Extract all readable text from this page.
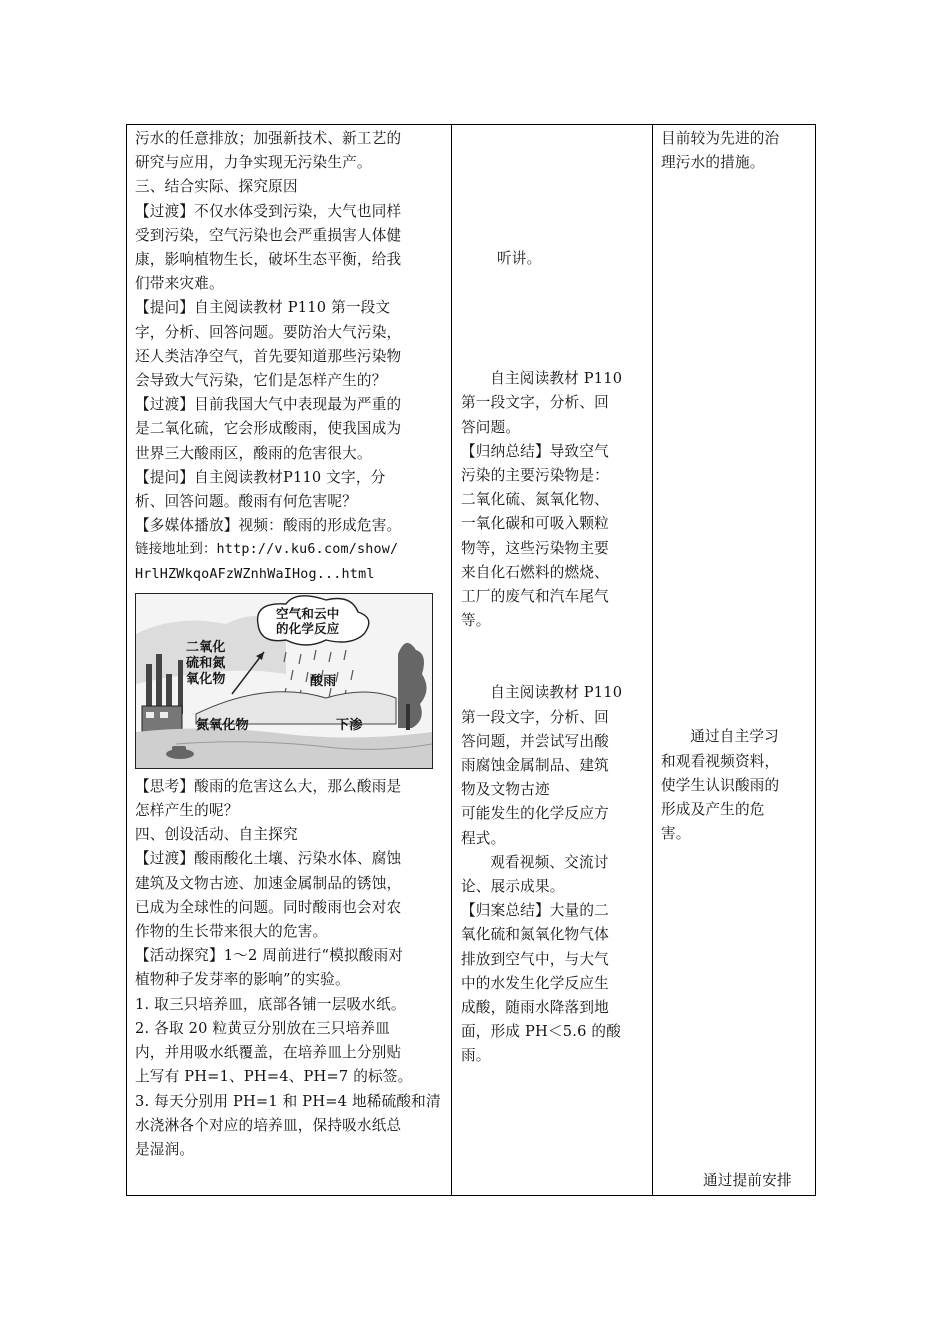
污水的任意排放；加强新技术、新工艺的

研究与应用，力争实现无污染生产。

三、结合实际、探究原因

【过渡】不仅水体受到污染，大气也同样

受到污染，空气污染也会严重损害人体健

康，影响植物生长，破坏生态平衡，给我

们带来灾难。

【提问】自主阅读教材 P110 第一段文

字，分析、回答问题。要防治大气污染，

还人类洁净空气，首先要知道那些污染物

会导致大气污染，它们是怎样产生的？

【过渡】目前我国大气中表现最为严重的

是二氧化硫，它会形成酸雨，使我国成为

世界三大酸雨区，酸雨的危害很大。

【提问】自主阅读教材P110 文字，分

析、回答问题。酸雨有何危害呢？

【多媒体播放】视频：酸雨的形成危害。

链接地址到：http://v.ku6.com/show/

HrlHZWkqoAFzWZnhWaIHog...html

空气和云中
的化学反应
二氧化
硫和氮
氧化物	酸雨
氮氧化物	下渗

【思考】酸雨的危害这么大，那么酸雨是

怎样产生的呢？

四、创设活动、自主探究

【过渡】酸雨酸化土壤、污染水体、腐蚀

建筑及文物古迹、加速金属制品的锈蚀，

已成为全球性的问题。同时酸雨也会对农

作物的生长带来很大的危害。

【活动探究】1～2 周前进行“模拟酸雨对

植物种子发芽率的影响”的实验。

1. 取三只培养皿，底部各铺一层吸水纸。

2. 各取 20 粒黄豆分别放在三只培养皿

内，并用吸水纸覆盖，在培养皿上分别贴

上写有 PH=1、PH=4、PH=7 的标签。

3. 每天分别用 PH=1 和 PH=4 地稀硫酸和清

水浇淋各个对应的培养皿，保持吸水纸总

是湿润。

听讲。

自主阅读教材 P110

第一段文字，分析、回

答问题。

【归纳总结】导致空气

污染的主要污染物是：

二氧化硫、氮氧化物、

一氧化碳和可吸入颗粒

物等，这些污染物主要

来自化石燃料的燃烧、

工厂的废气和汽车尾气

等。

自主阅读教材 P110

第一段文字，分析、回

答问题，并尝试写出酸

雨腐蚀金属制品、建筑

物及文物古迹

可能发生的化学反应方

程式。

观看视频、交流讨

论、展示成果。

【归案总结】大量的二

氧化硫和氮氧化物气体

排放到空气中，与大气

中的水发生化学反应生

成酸，随雨水降落到地

面，形成 PH＜5.6 的酸

雨。

目前较为先进的治

理污水的措施。

通过自主学习

和观看视频资料，

使学生认识酸雨的

形成及产生的危

害。

通过提前安排
